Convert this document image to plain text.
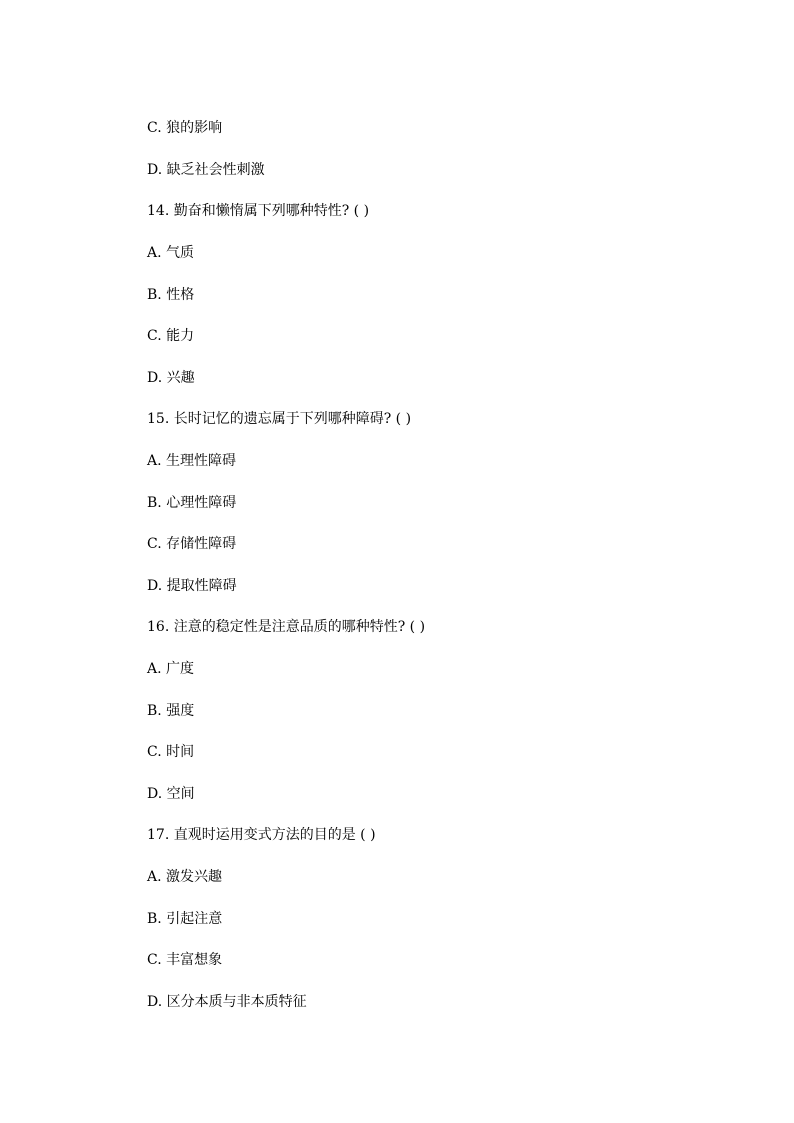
C. 狼的影响
D. 缺乏社会性刺激
14. 勤奋和懒惰属下列哪种特性? ( )
A. 气质
B. 性格
C. 能力
D. 兴趣
15. 长时记忆的遗忘属于下列哪种障碍? ( )
A. 生理性障碍
B. 心理性障碍
C. 存储性障碍
D. 提取性障碍
16. 注意的稳定性是注意品质的哪种特性? ( )
A. 广度
B. 强度
C. 时间
D. 空间
17. 直观时运用变式方法的目的是 ( )
A. 激发兴趣
B. 引起注意
C. 丰富想象
D. 区分本质与非本质特征
